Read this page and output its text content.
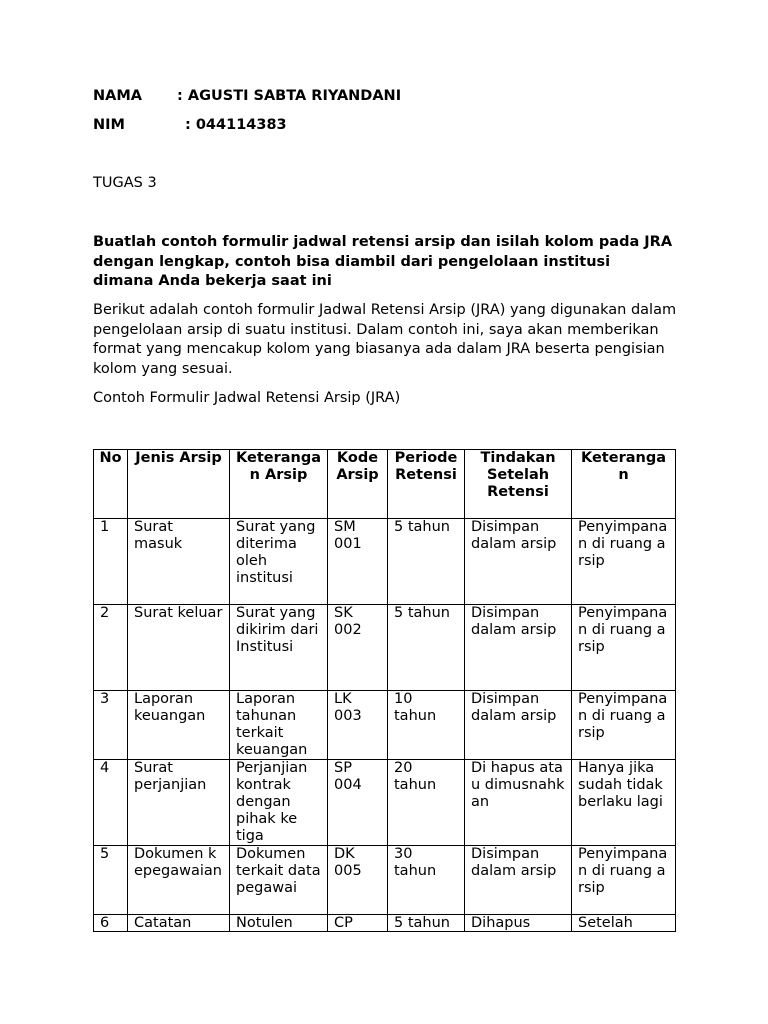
NAMA : AGUSTI SABTA RIYANDANI
NIM	: 044114383
TUGAS 3
Buatlah contoh formulir jadwal retensi arsip dan isilah kolom pada JRA dengan lengkap, contoh bisa diambil dari pengelolaan institusi dimana Anda bekerja saat ini
Berikut adalah contoh formulir Jadwal Retensi Arsip (JRA) yang digunakan dalam pengelolaan arsip di suatu institusi. Dalam contoh ini, saya akan memberikan format yang mencakup kolom yang biasanya ada dalam JRA beserta pengisian kolom yang sesuai.
Contoh Formulir Jadwal Retensi Arsip (JRA)
No	Jenis Arsip	Keterangan Arsip	Kode Arsip	Periode Retensi	Tindakan Setelah Retensi	Keterangan
1	Surat masuk	Surat yang diterima oleh institusi	SM 001	5 tahun	Disimpan dalam arsip	Penyimpanan di ruang arsip
2	Surat keluar	Surat yang dikirim dari Institusi	SK 002	5 tahun	Disimpan dalam arsip	Penyimpanan di ruang arsip
3	Laporan keuangan	Laporan tahunan terkait keuangan	LK 003	10 tahun	Disimpan dalam arsip	Penyimpanan di ruang arsip
4	Surat perjanjian	Perjanjian kontrak dengan pihak ke tiga	SP 004	20 tahun	Di hapus atau dimusnahkan	Hanya jika sudah tidak berlaku lagi
5	Dokumen kepegawaian	Dokumen terkait data pegawai	DK 005	30 tahun	Disimpan dalam arsip	Penyimpanan di ruang arsip
6	Catatan	Notulen	CP	5 tahun	Dihapus	Setelah
